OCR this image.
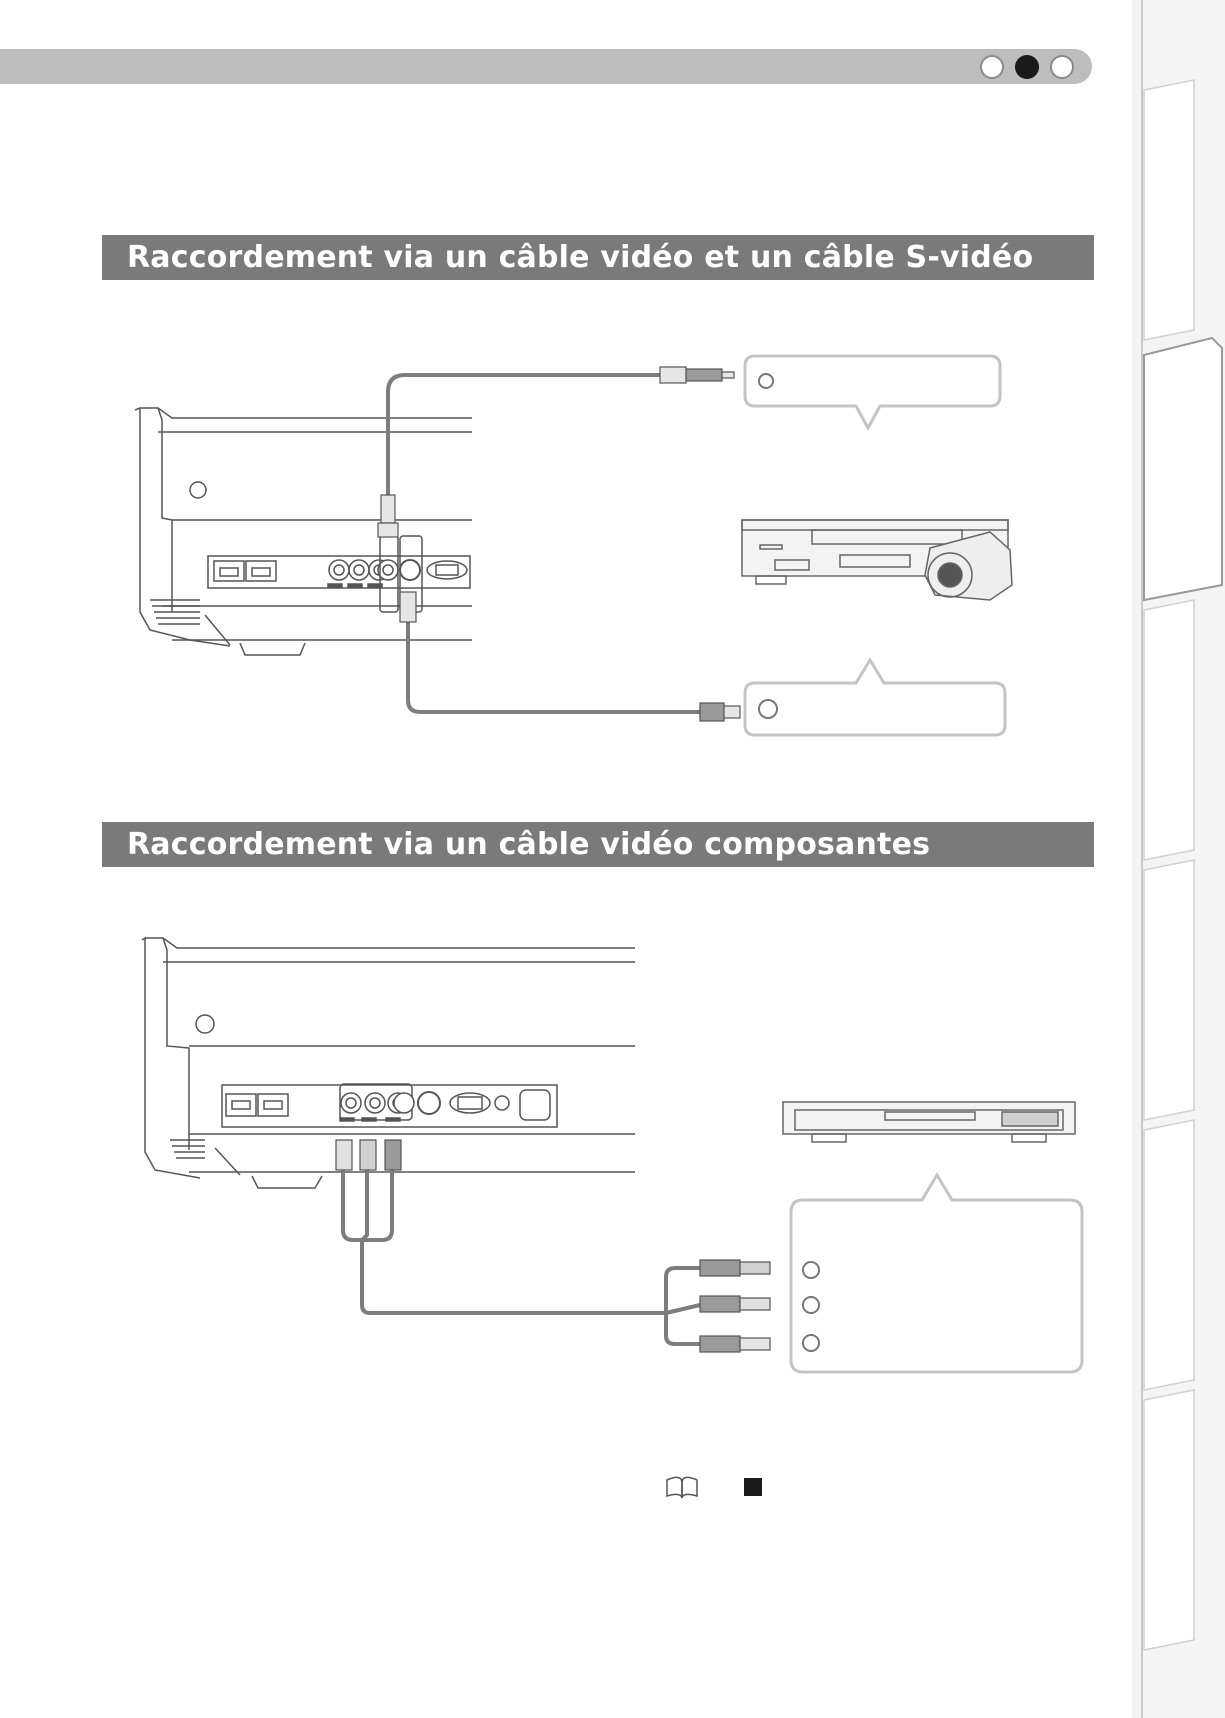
Raccordement via un câble vidéo et un câble S-vidéo
Raccordement via un câble vidéo composantes
